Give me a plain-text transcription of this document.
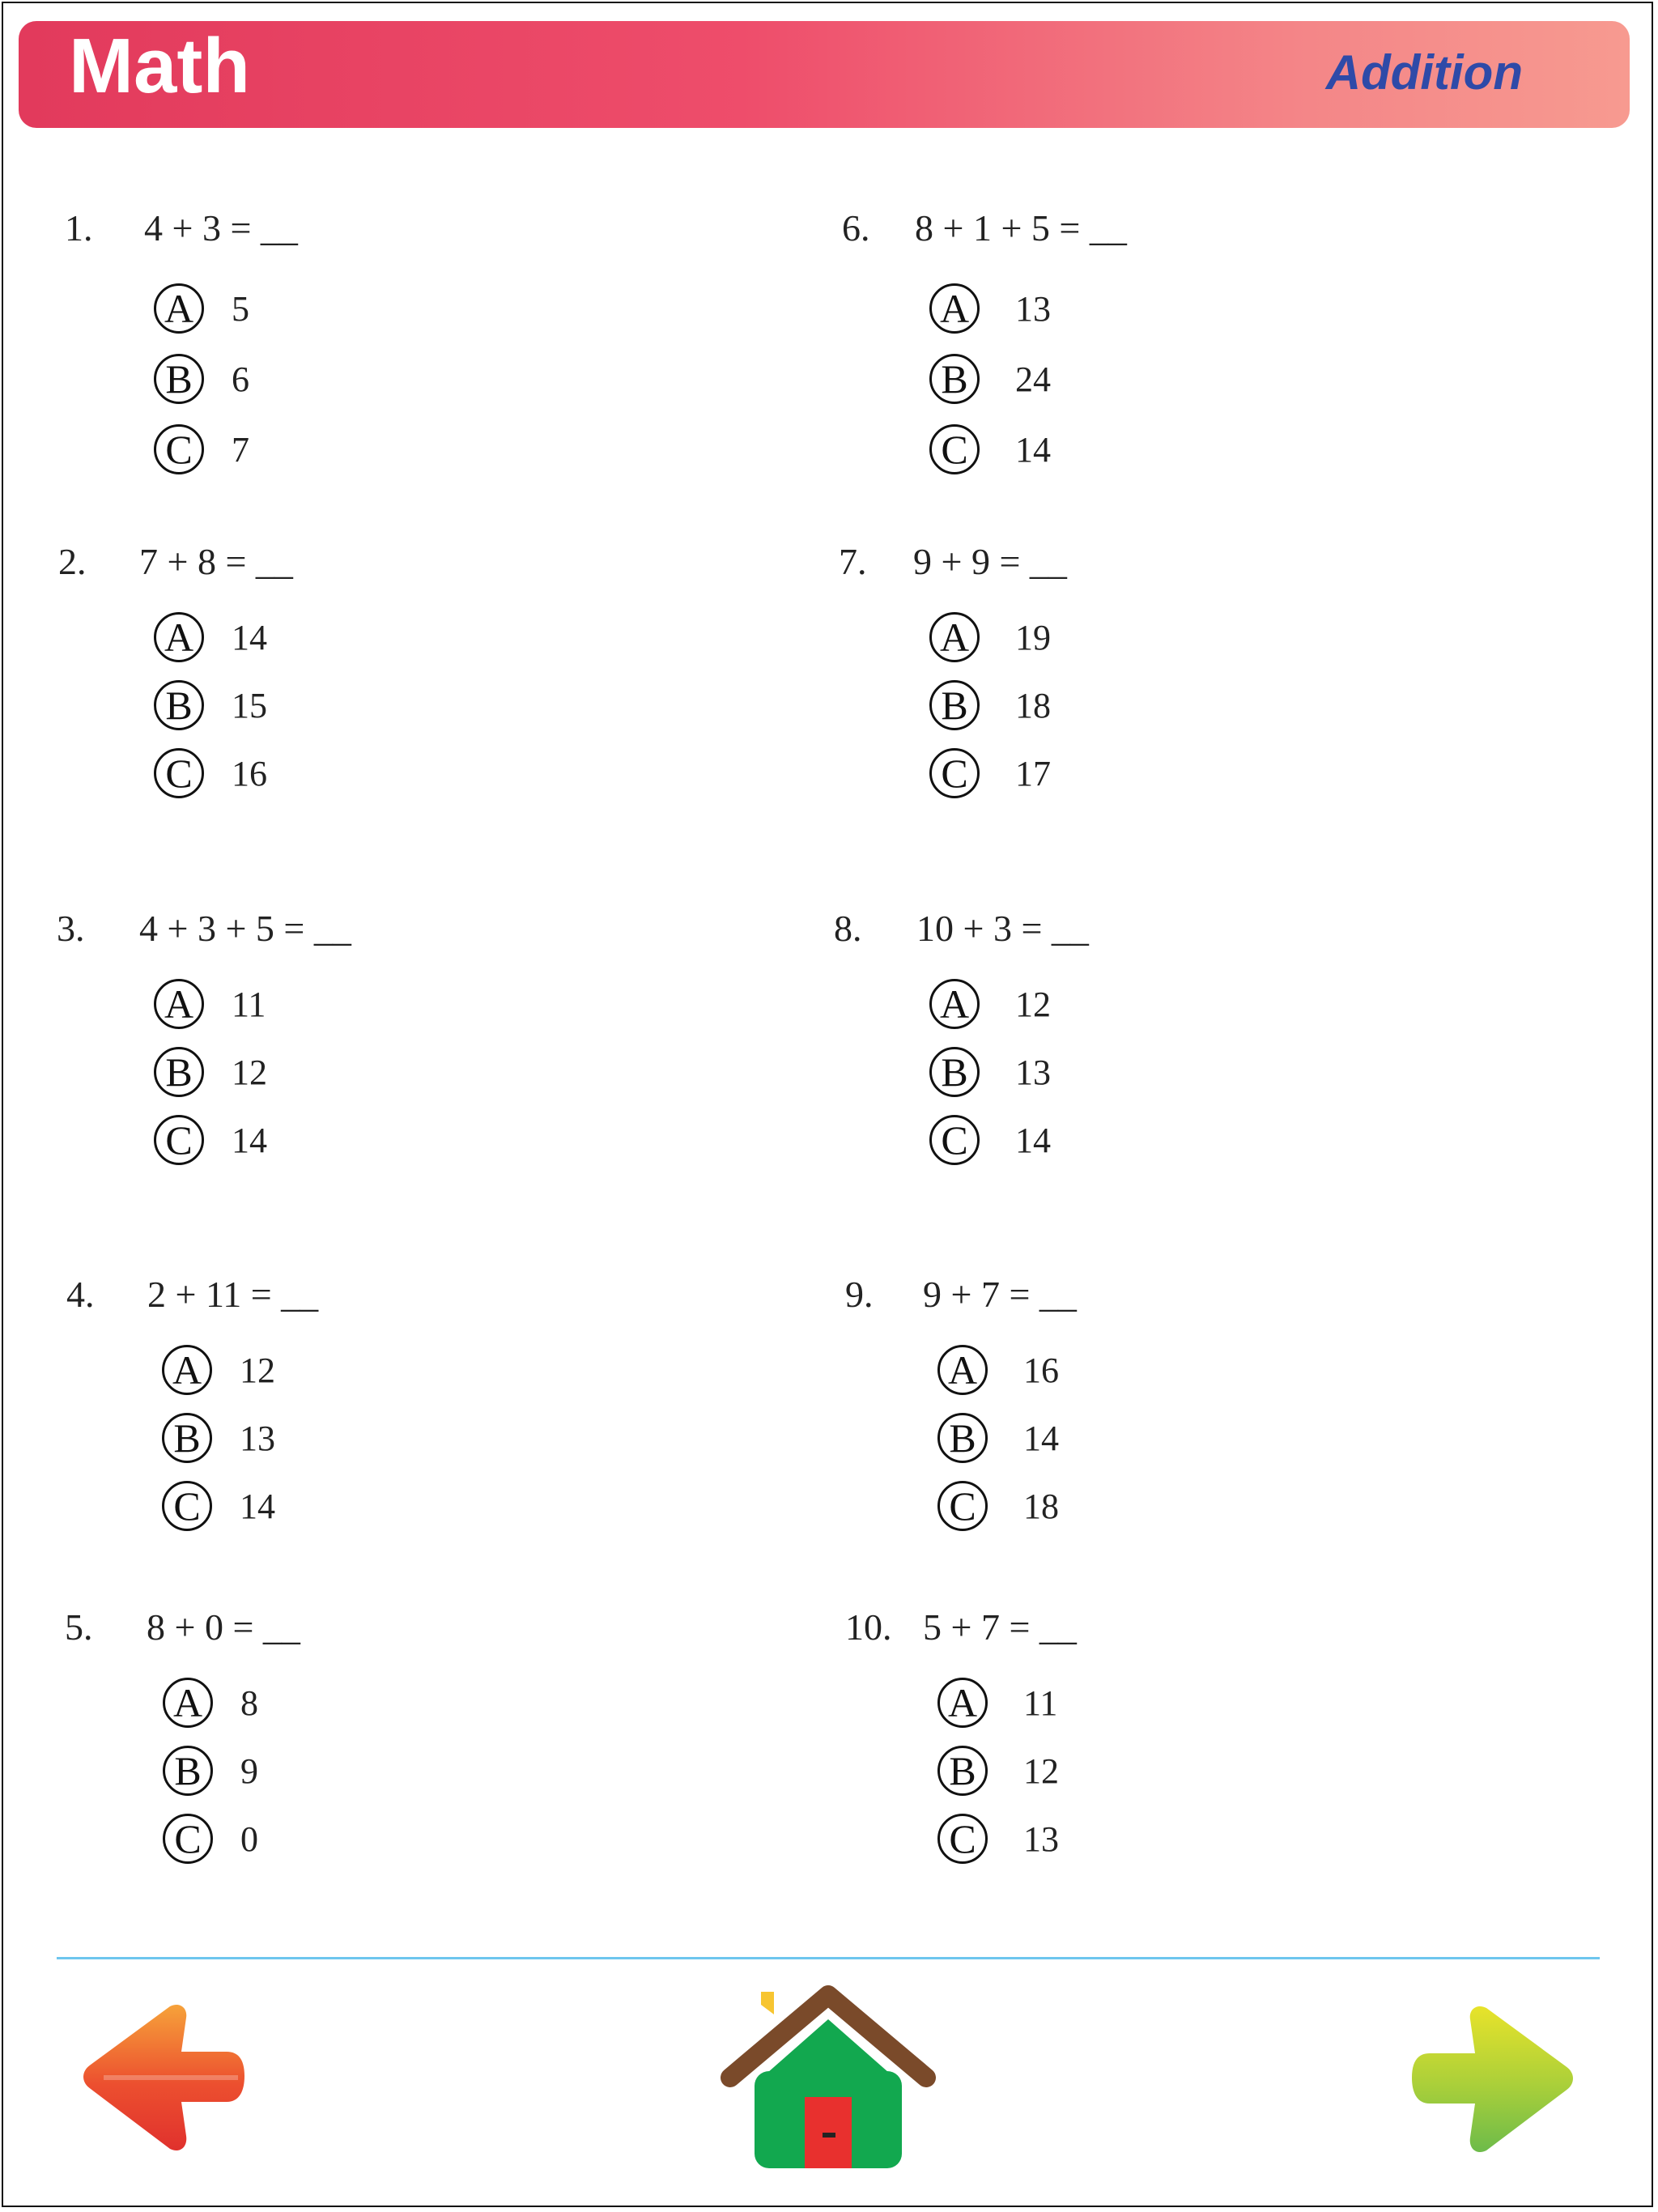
Math	Addition
1.	4 + 3 = __
A 5
B	6
C	7
2.	7 + 8 = __
A 14
B	15
C	16
3.	4 + 3 + 5 = __
A 11
B	12
C	14
4.	2 + 11 = __
A 12
B	13
C	14
5.	8 + 0 = __
A 8
B	9
C	0
6.	8 + 1 + 5 = __
A 13
B	24
C	14
7.	9 + 9 = __
A 19
B	18
C	17
8.	10 + 3 = __
A 12
B	13
C	14
9.	9 + 7 = __
A 16
B	14
C	18
10. 5 + 7 = __
A 11
B	12
C	13
